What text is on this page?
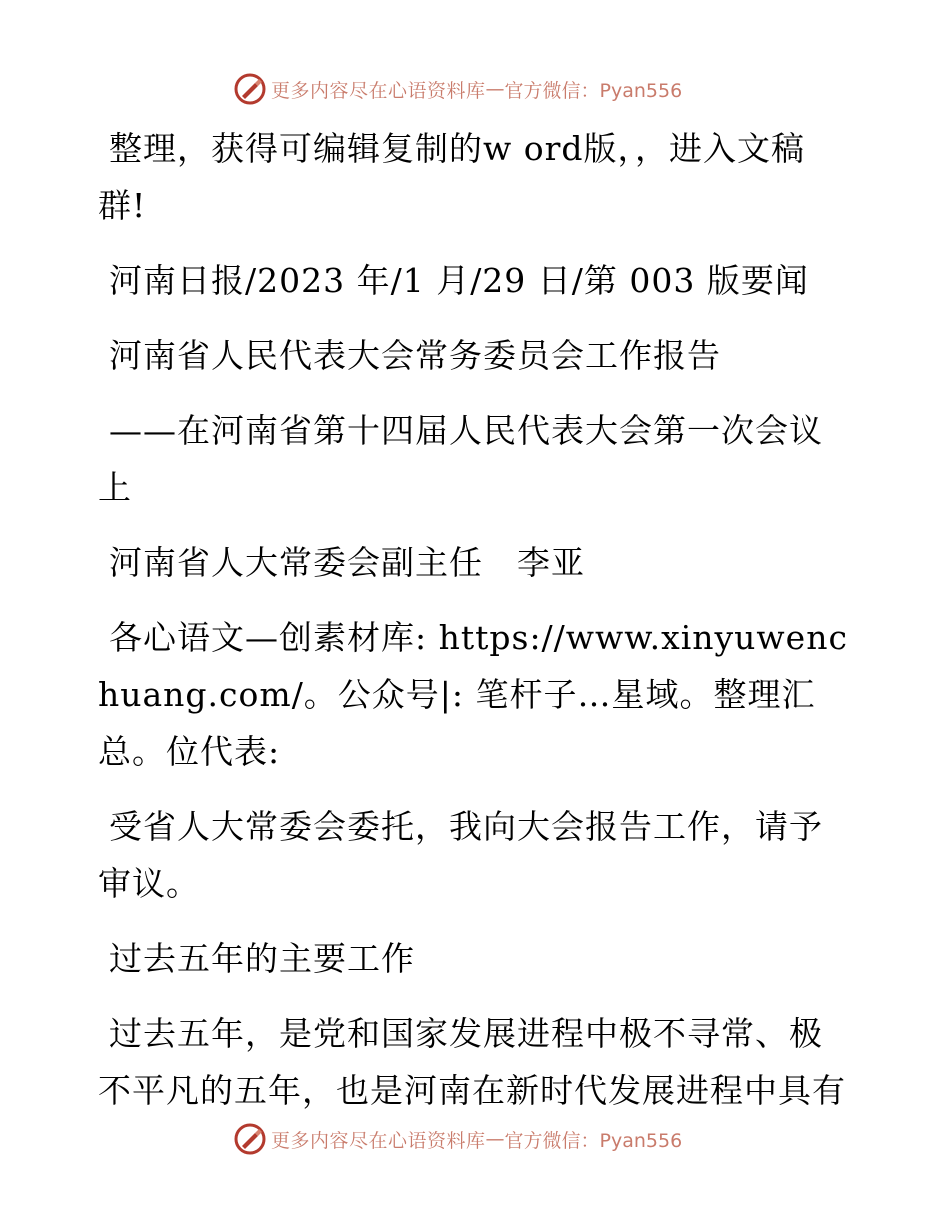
更多内容尽在心语资料库 — 官方微信：Pyan556

整理，获得可编辑复制的w ord版，，进入文稿群!

河南日报/2023 年/1 月/29 日/第 003 版要闻

河南省人民代表大会常务委员会工作报告

——在河南省第十四届人民代表大会第一次会议上

河南省人大常委会副主任　李亚

各心语文—创素材库: https://www.xinyuwenchuang.com/。公众号|: 笔杆子…星域。整理汇总。位代表:

受省人大常委会委托，我向大会报告工作，请予审议。

过去五年的主要工作

过去五年，是党和国家发展进程中极不寻常、极不平凡的五年，也是河南在新时代发展进程中具有

更多内容尽在心语资料库 — 官方微信：Pyan556
